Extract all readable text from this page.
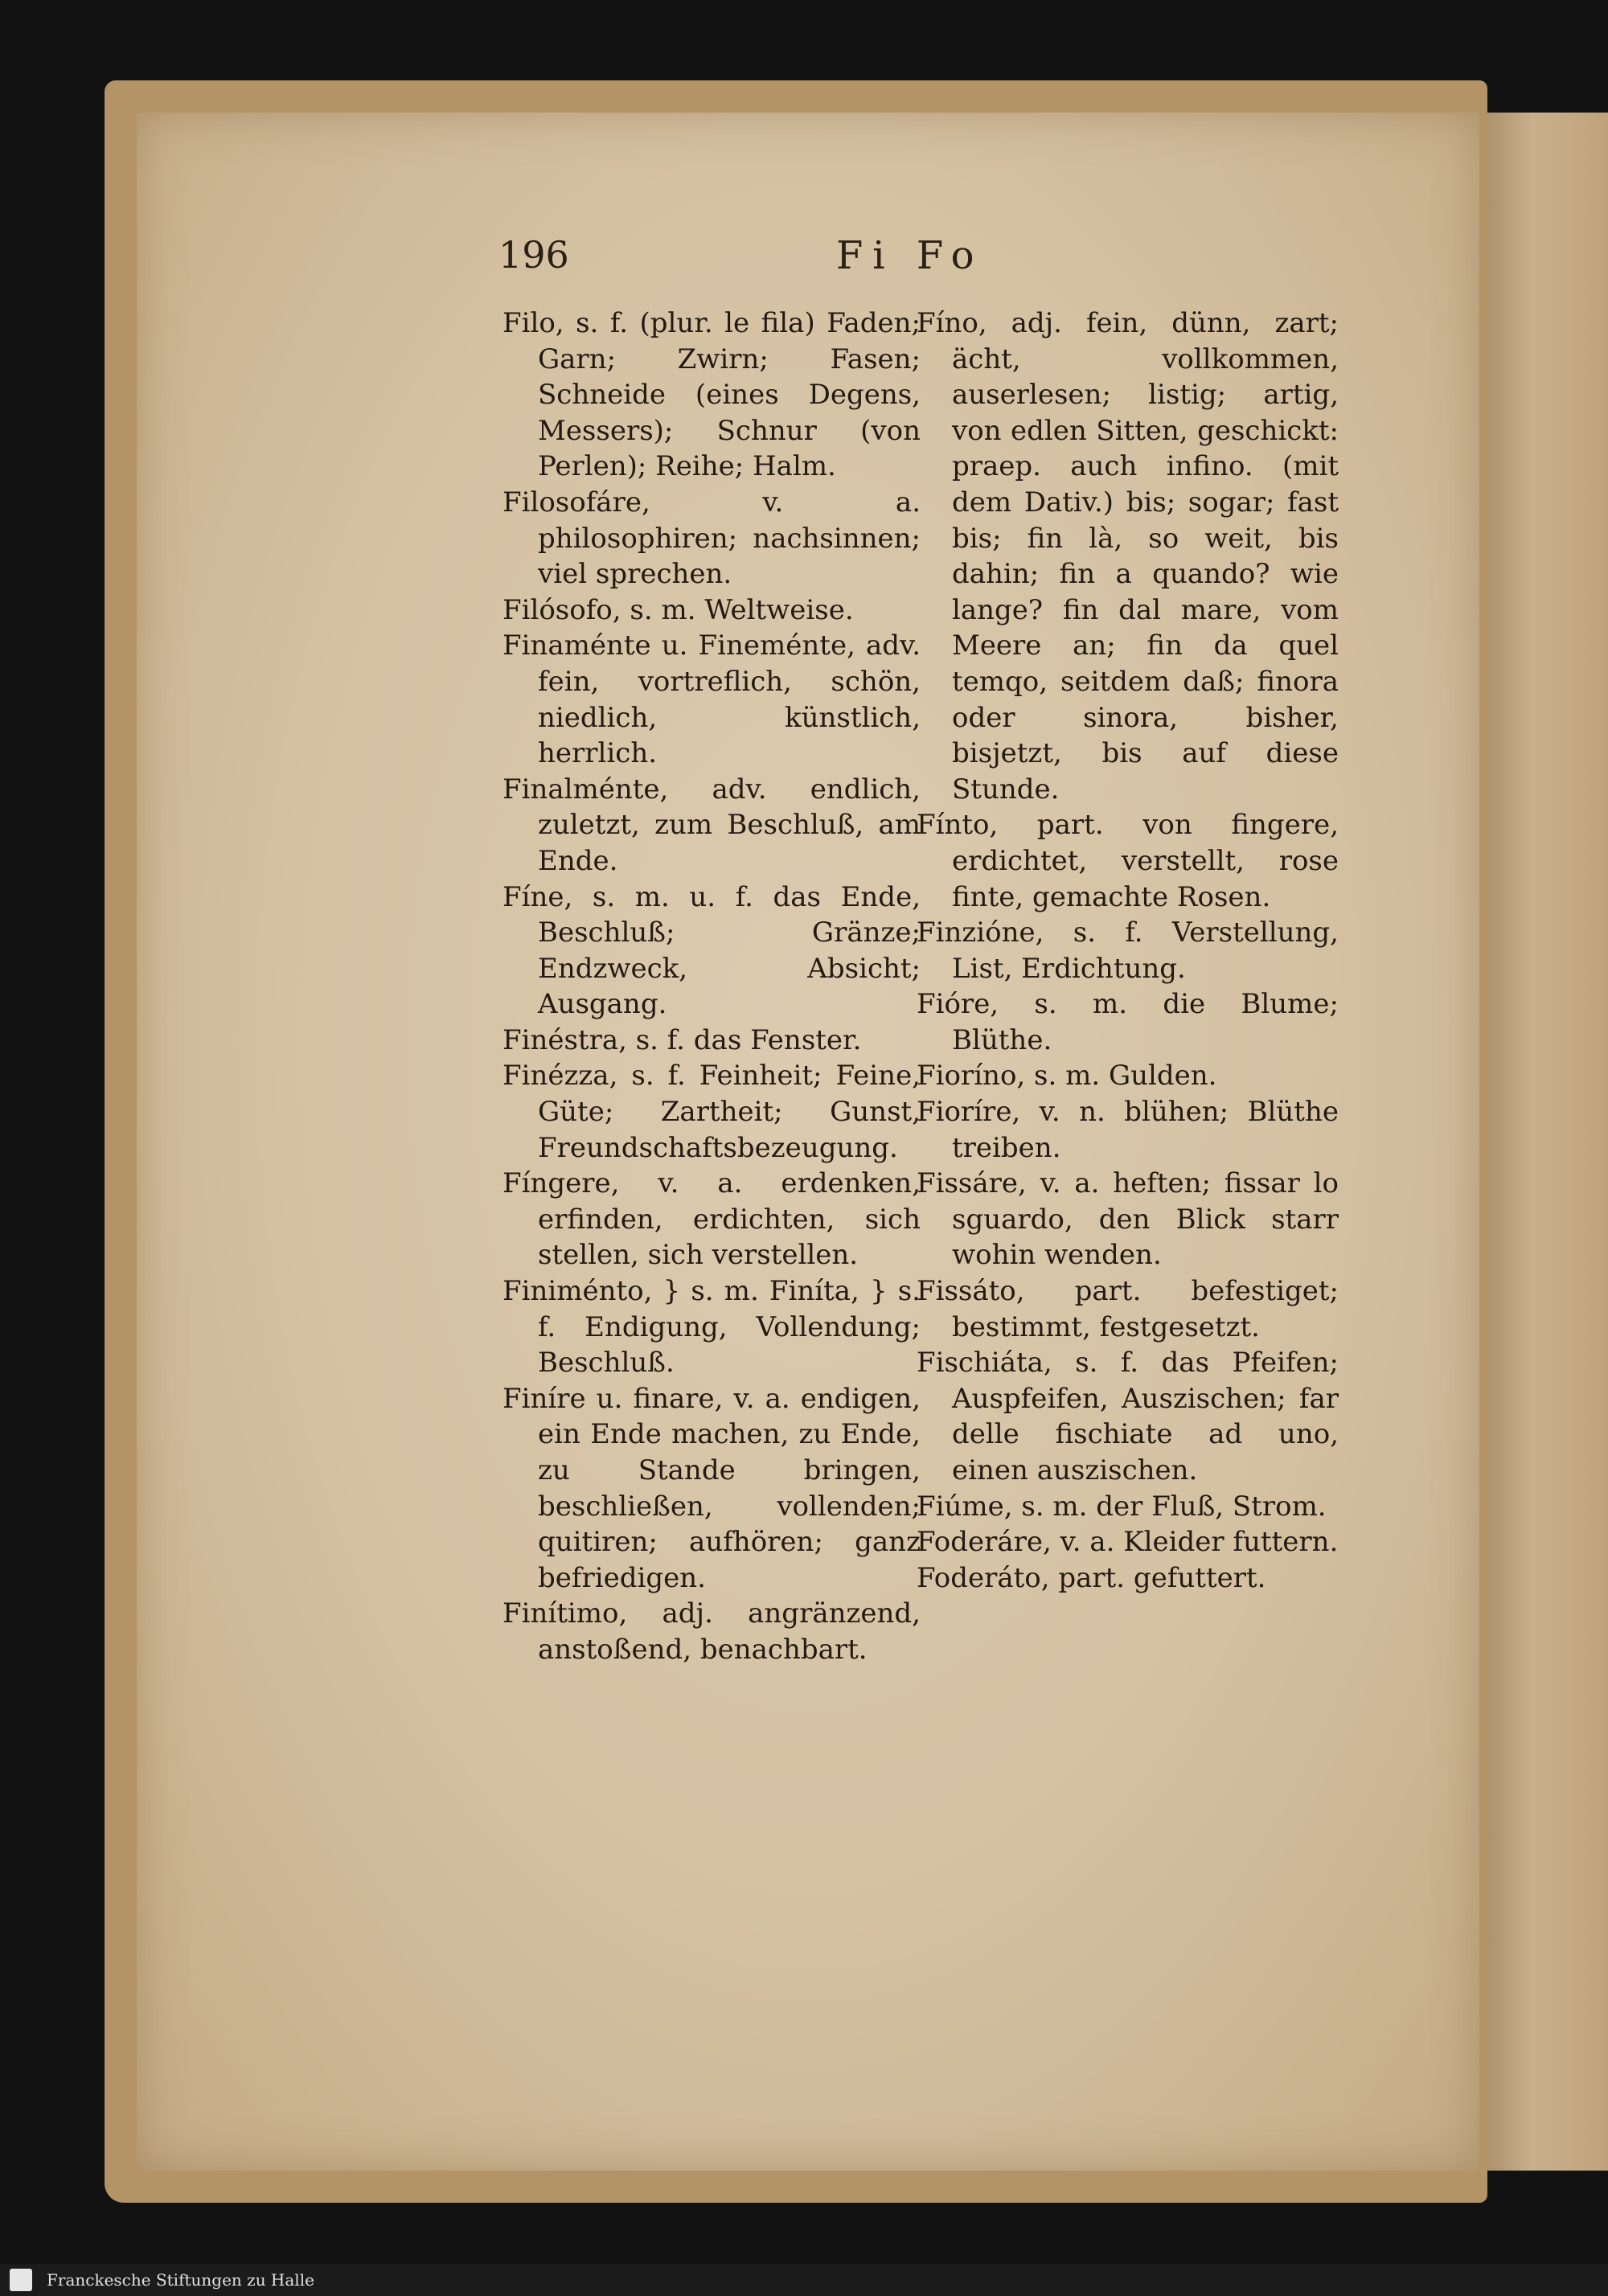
196	Fi Fo
Filo, s. f. (plur. le fila) Faden; Garn; Zwirn; Fasen; Schneide (eines Degens, Messers); Schnur (von Perlen); Reihe; Halm.
Filosofáre, v. a. philosophiren; nachsinnen; viel sprechen.
Filósofo, s. m. Weltweise.
Finaménte u. Fineménte, adv. fein, vortreflich, schön, niedlich, künstlich, herrlich.
Finalménte, adv. endlich, zuletzt, zum Beschluß, am Ende.
Fíne, s. m. u. f. das Ende, Beschluß; Gränze; Endzweck, Absicht; Ausgang.
Finéstra, s. f. das Fenster.
Finézza, s. f. Feinheit; Feine, Güte; Zartheit; Gunst, Freundschaftsbezeugung.
Fíngere, v. a. erdenken, erfinden, erdichten, sich stellen, sich verstellen.
Finiménto, } s. m. Finíta, } s. f. Endigung, Vollendung; Beschluß.
Finíre u. finare, v. a. endigen, ein Ende machen, zu Ende, zu Stande bringen, beschließen, vollenden; quitiren; aufhören; ganz befriedigen.
Finítimo, adj. angränzend, anstoßend, benachbart.
Fíno, adj. fein, dünn, zart; ächt, vollkommen, auserlesen; listig; artig, von edlen Sitten, geschickt: praep. auch infino. (mit dem Dativ.) bis; sogar; fast bis; fin là, so weit, bis dahin; fin a quando? wie lange? fin dal mare, vom Meere an; fin da quel temqo, seitdem daß; finora oder sinora, bisher, bisjetzt, bis auf diese Stunde.
Fínto, part. von fingere, erdichtet, verstellt, rose finte, gemachte Rosen.
Finzióne, s. f. Verstellung, List, Erdichtung.
Fióre, s. m. die Blume; Blüthe.
Fioríno, s. m. Gulden.
Fioríre, v. n. blühen; Blüthe treiben.
Fissáre, v. a. heften; fissar lo sguardo, den Blick starr wohin wenden.
Fissáto, part. befestiget; bestimmt, festgesetzt.
Fischiáta, s. f. das Pfeifen; Auspfeifen, Auszischen; far delle fischiate ad uno, einen auszischen.
Fiúme, s. m. der Fluß, Strom.
Foderáre, v. a. Kleider futtern.
Foderáto, part. gefuttert.
Franckesche Stiftungen zu Halle
